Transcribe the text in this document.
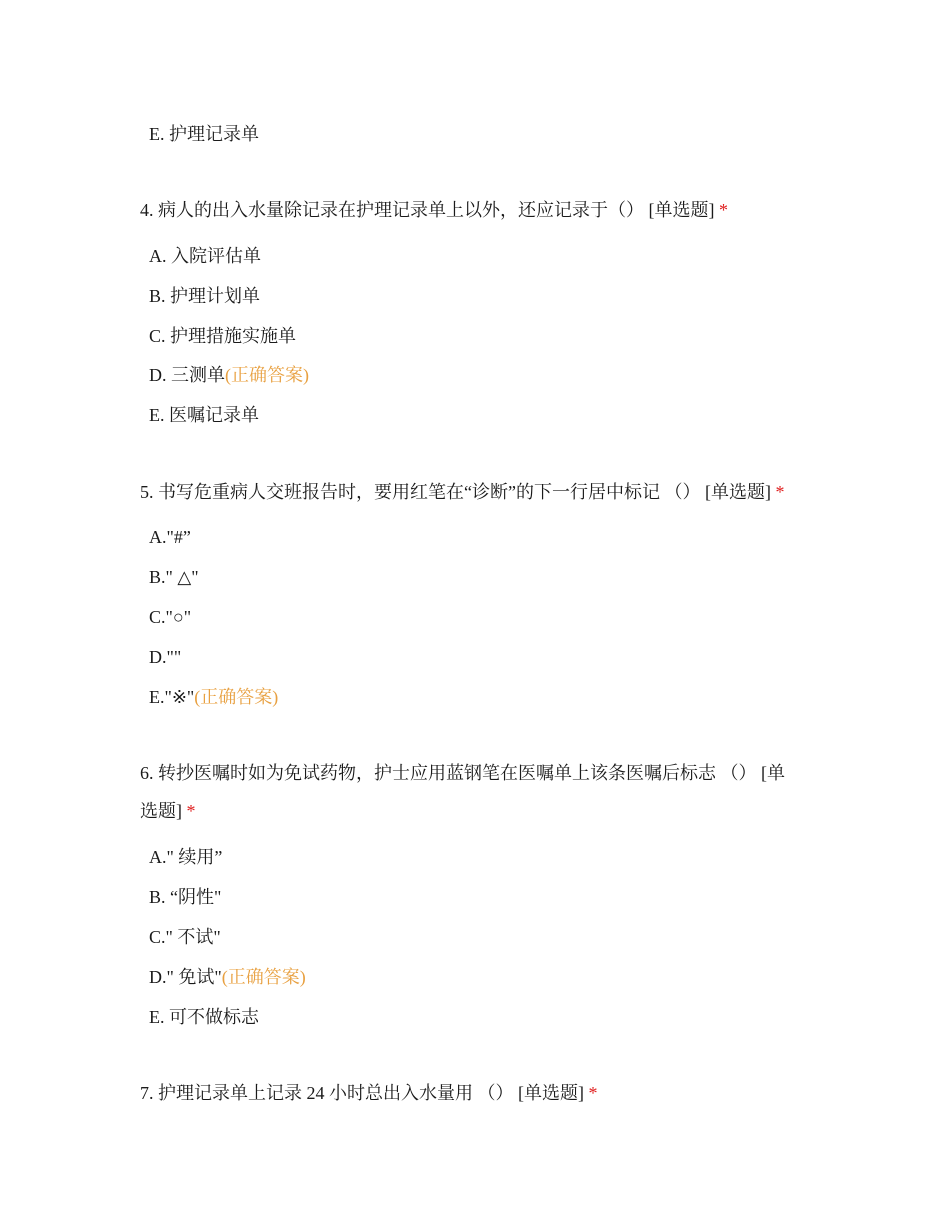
E. 护理记录单
4. 病人的出入水量除记录在护理记录单上以外，还应记录于（） [单选题] *
A. 入院评估单
B. 护理计划单
C. 护理措施实施单
D. 三测单(正确答案)
E. 医嘱记录单
5. 书写危重病人交班报告时，要用红笔在“诊断”的下一行居中标记 （） [单选题] *
A."#”
B." △"
C."○"
D.""
E."※"(正确答案)
6. 转抄医嘱时如为免试药物，护士应用蓝钢笔在医嘱单上该条医嘱后标志 （） [单
选题] *
A." 续用”
B. “阴性"
C." 不试"
D." 免试"(正确答案)
E. 可不做标志
7. 护理记录单上记录 24 小时总出入水量用 （） [单选题] *
